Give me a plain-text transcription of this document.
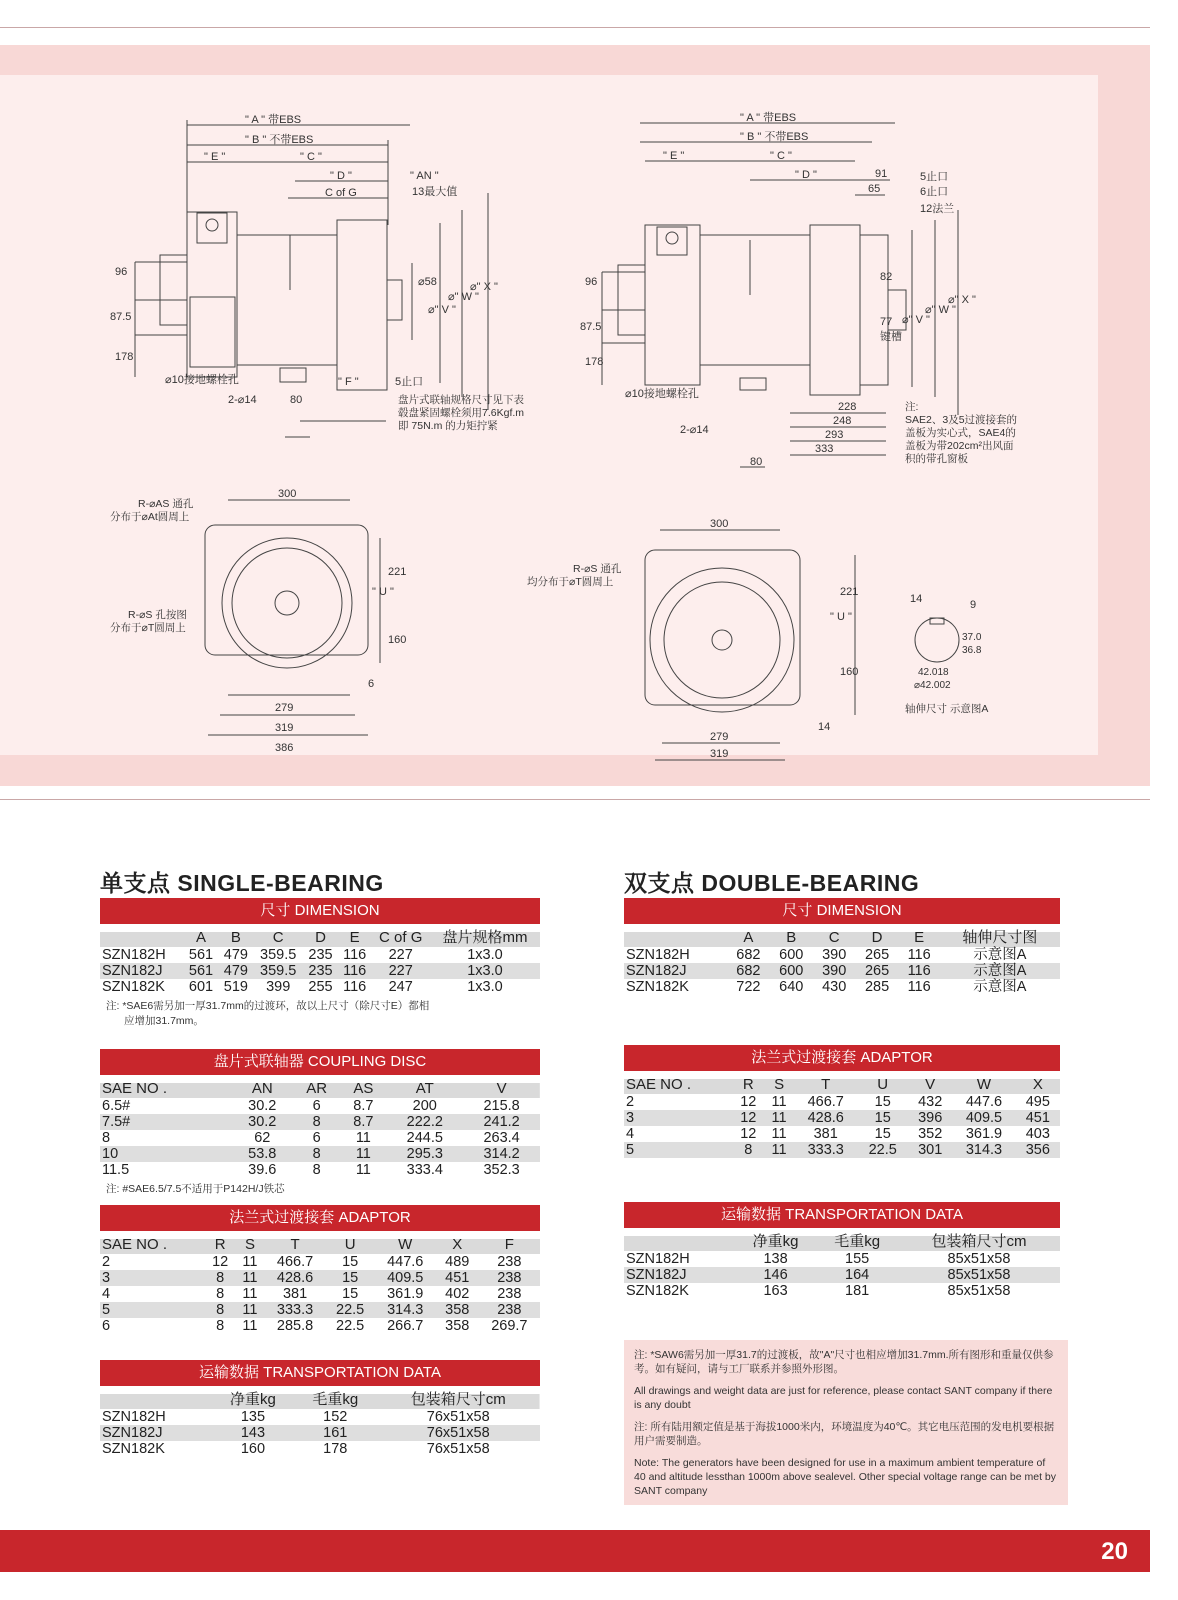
" A " 带EBS
" B " 不带EBS
" E "	" C "
" D "
C of G
" AN "
13最大值
⌀58
⌀" V "
⌀" W "
⌀" X "
96
87.5
178
⌀10接地螺栓孔
2-⌀14
" F "
80
5止口
盘片式联轴规格尺寸见下表
毂盘紧固螺栓须用7.6Kgf.m
即 75N.m 的力矩拧紧
" A " 带EBS
" B " 不带EBS
" E "	" C "
" D "	91
65
5止口
6止口
12法兰
82
77
键槽
⌀" V "
⌀" W "
⌀" X "
96
87.5
178
⌀10接地螺栓孔
2-⌀14
228
248
293
333
80
注:
SAE2、3及5过渡接套的
盖板为实心式，SAE4的
盖板为带202cm²出风面
积的带孔窗板
300
R-⌀AS 通孔
分布于⌀At圆周上
R-⌀S 孔按图
分布于⌀T圆周上
221
160
6
" U "
279
319
386
300
R-⌀S 通孔
均分布于⌀T圆周上
221
160
14
" U "
279
319
14	9
37.0
36.8
42.018
⌀42.002
轴伸尺寸 示意图A
单支点 SINGLE-BEARING
尺寸 DIMENSION
	A	B	C	D	E	C of G	盘片规格mm
SZN182H	561	479	359.5	235	116	227	1x3.0
SZN182J	561	479	359.5	235	116	227	1x3.0
SZN182K	601	519	399	255	116	247	1x3.0
注: *SAE6需另加一厚31.7mm的过渡环，故以上尺寸（除尺寸E）都相
应增加31.7mm。
盘片式联轴器 COUPLING DISC
SAE NO .	AN	AR	AS	AT	V
6.5#	30.2	6	8.7	200	215.8
7.5#	30.2	8	8.7	222.2	241.2
8	62	6	11	244.5	263.4
10	53.8	8	11	295.3	314.2
11.5	39.6	8	11	333.4	352.3
注: #SAE6.5/7.5不适用于P142H/J铁芯
法兰式过渡接套 ADAPTOR
SAE NO .	R	S	T	U	W	X	F
2	12	11	466.7	15	447.6	489	238
3	8	11	428.6	15	409.5	451	238
4	8	11	381	15	361.9	402	238
5	8	11	333.3	22.5	314.3	358	238
6	8	11	285.8	22.5	266.7	358	269.7
运输数据 TRANSPORTATION DATA
	净重kg	毛重kg	包装箱尺寸cm
SZN182H	135	152	76x51x58
SZN182J	143	161	76x51x58
SZN182K	160	178	76x51x58
双支点 DOUBLE-BEARING
尺寸 DIMENSION
	A	B	C	D	E	轴伸尺寸图
SZN182H	682	600	390	265	116	示意图A
SZN182J	682	600	390	265	116	示意图A
SZN182K	722	640	430	285	116	示意图A
法兰式过渡接套 ADAPTOR
SAE NO .	R	S	T	U	V	W	X
2	12	11	466.7	15	432	447.6	495
3	12	11	428.6	15	396	409.5	451
4	12	11	381	15	352	361.9	403
5	8	11	333.3	22.5	301	314.3	356
运输数据 TRANSPORTATION DATA
	净重kg	毛重kg	包装箱尺寸cm
SZN182H	138	155	85x51x58
SZN182J	146	164	85x51x58
SZN182K	163	181	85x51x58

注: *SAW6需另加一厚31.7的过渡板，故"A"尺寸也相应增加31.7mm.所有图形和重量仅供参考。如有疑问，请与工厂联系并参照外形图。

All drawings and weight data are just for reference, please contact SANT company if there is any doubt

注: 所有陆用额定值是基于海拔1000米内，环境温度为40℃。其它电压范围的发电机要根据用户需要制造。

Note: The generators have been designed for use in a maximum ambient temperature of 40 and altitude lessthan 1000m above sealevel. Other special voltage range can be met by SANT company

20
